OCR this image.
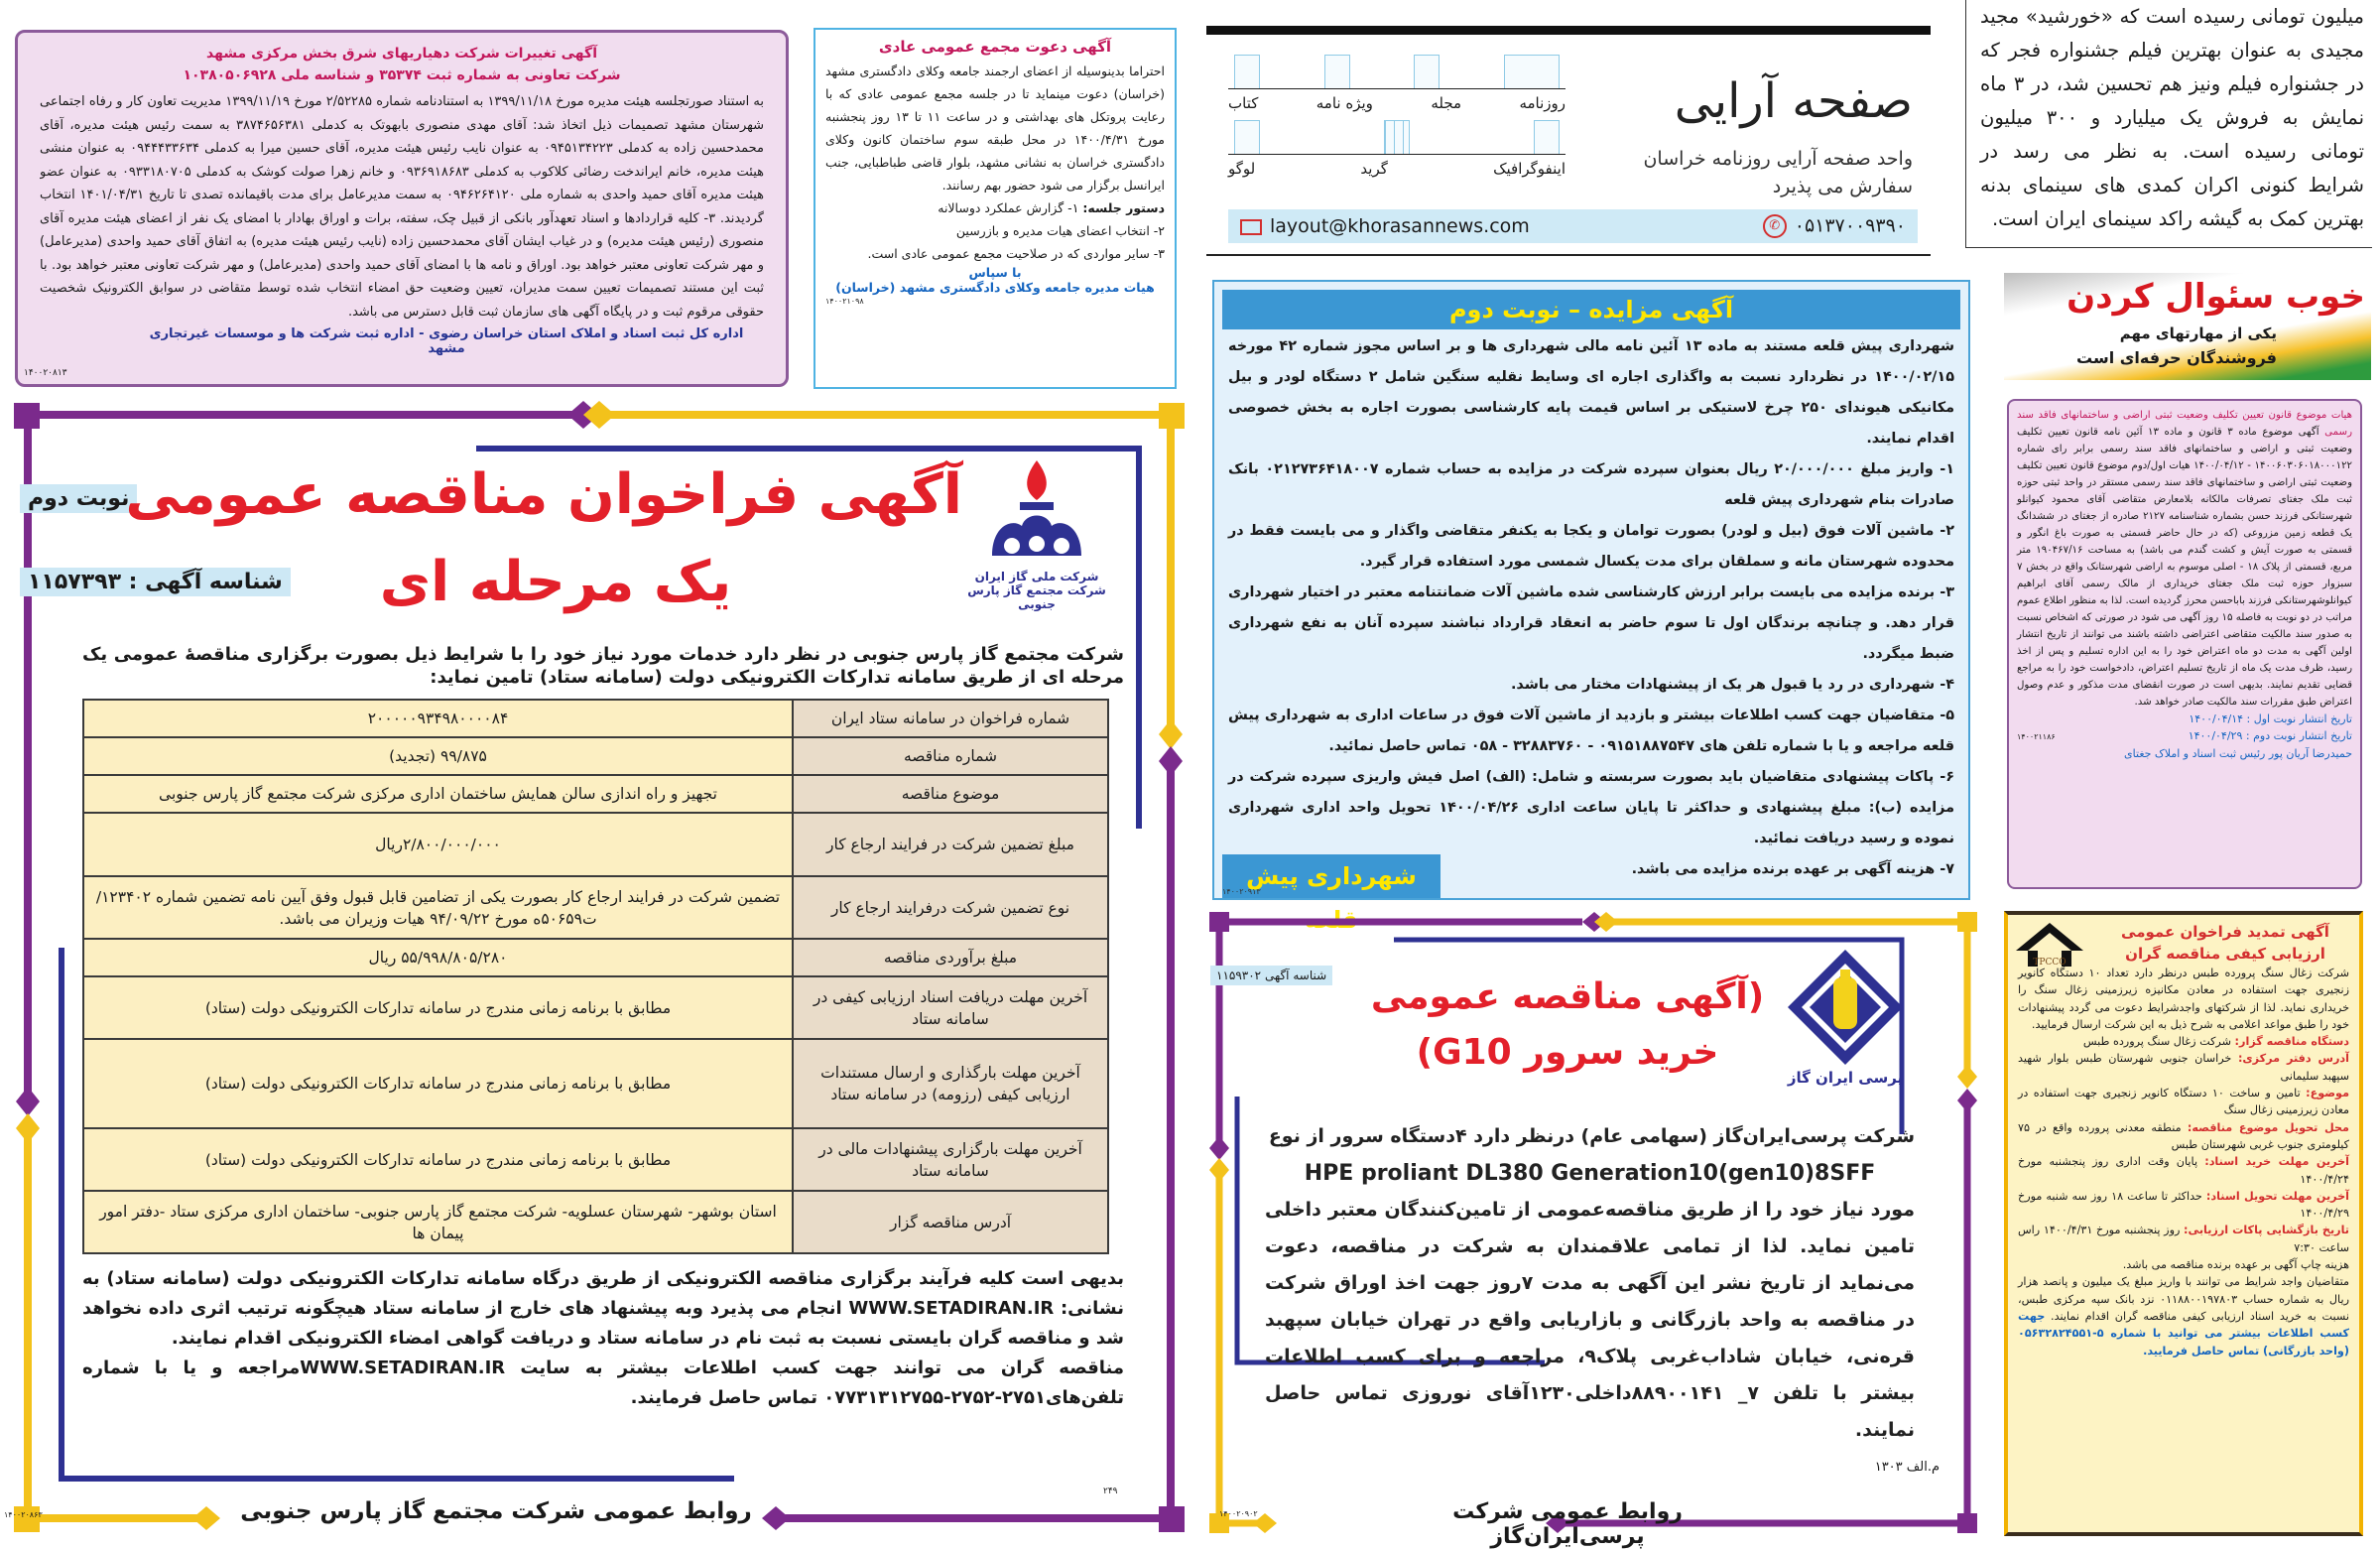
آگهی تغییرات شرکت دهیاریهای شرق بخش مرکزی مشهد
شرکت تعاونی به شماره ثبت ۳۵۳۷۴ و شناسه ملی ۱۰۳۸۰۵۰۶۹۲۸
به استناد صورتجلسه هیئت مدیره مورخ ۱۳۹۹/۱۱/۱۸ به استنادنامه شماره ۲/۵۲۲۸۵ مورخ ۱۳۹۹/۱۱/۱۹ مدیریت تعاون کار و رفاه اجتماعی شهرستان مشهد تصمیمات ذیل اتخاذ شد: آقای مهدی منصوری بابهوتک به کدملی ۳۸۷۴۶۵۶۳۸۱ به سمت رئیس هیئت مدیره، آقای محمدحسین زاده به کدملی ۰۹۴۵۱۳۴۲۲۳ به عنوان نایب رئیس هیئت مدیره، آقای حسین میرا به کدملی ۰۹۴۴۴۳۳۶۳۴ به عنوان منشی هیئت مدیره، خانم ایراندخت رضائی کلاکوب به کدملی ۰۹۳۶۹۱۸۶۸۳ و خانم زهرا صولت کوشک به کدملی ۰۹۳۳۱۸۰۷۰۵ به عنوان عضو هیئت مدیره آقای حمید واحدی به شماره ملی ۰۹۴۶۲۶۴۱۲۰ به سمت مدیرعامل برای مدت باقیمانده تصدی تا تاریخ ۱۴۰۱/۰۴/۳۱ انتخاب گردیدند. ۳- کلیه قراردادها و اسناد تعهدآور بانکی از قبیل چک، سفته، برات و اوراق بهادار با امضای یک نفر از اعضای هیئت مدیره آقای منصوری (رئیس هیئت مدیره) و در غیاب ایشان آقای محمدحسین زاده (نایب رئیس هیئت مدیره) به اتفاق آقای حمید واحدی (مدیرعامل) و مهر شرکت تعاونی معتبر خواهد بود. اوراق و نامه ها با امضای آقای حمید واحدی (مدیرعامل) و مهر شرکت تعاونی معتبر خواهد بود. با ثبت این مستند تصمیمات تعیین سمت مدیران، تعیین وضعیت حق امضاء انتخاب شده توسط متقاضی در سوابق الکترونیک شخصیت حقوقی مرقوم ثبت و در پایگاه آگهی های سازمان ثبت قابل دسترس می باشد.
اداره کل ثبت اسناد و املاک استان خراسان رضوی - اداره ثبت شرکت ها و موسسات غیرتجاری مشهد
۱۴۰۰۲۰۸۱۳
آگهی دعوت مجمع عمومی عادی
احتراما بدینوسیله از اعضای ارجمند جامعه وکلای دادگستری مشهد (خراسان) دعوت مینماید تا در جلسه مجمع عمومی عادی که با رعایت پروتکل های بهداشتی و در ساعت ۱۱ تا ۱۳ روز پنجشنبه مورخ ۱۴۰۰/۴/۳۱ در محل طبقه سوم ساختمان کانون وکلای دادگستری خراسان به نشانی مشهد، بلوار قاضی طباطبایی، جنب ایرانسل برگزار می شود حضور بهم رسانند.
دستور جلسه: ۱- گزارش عملکرد دوسالانه
۲- انتخاب اعضای هیات مدیره و بازرسین
۳- سایر مواردی که در صلاحیت مجمع عمومی عادی است.
با سپاس
هیات مدیره جامعه وکلای دادگستری مشهد (خراسان)
۱۴۰۰۲۱۰۹۸
صفحه آرایی
واحد صفحه آرایی روزنامه خراسان سفارش می پذیرد
روزنامه
مجله
ویژه نامه
کتاب
اینفوگرافیک
گرید
لوگو
layout@khorasannews.com	✆ ۰۵۱۳۷۰۰۹۳۹۰
میلیون تومانی رسیده است که «خورشید» مجید مجیدی به عنوان بهترین فیلم جشنواره فجر که در جشنواره فیلم ونیز هم تحسین شد، در ۳ ماه نمایش به فروش یک میلیارد و ۳۰۰ میلیون تومانی رسیده است. به نظر می رسد در شرایط کنونی اکران کمدی های سینمای بدنه بهترین کمک به گیشه راکد سینمای ایران است.
خوب سئوال کردن
یکی از مهارتهای مهم
فروشندگان حرفه‌ای است
هیات موضوع قانون تعیین تکلیف وضعیت ثبتی اراضی و ساختمانهای فاقد سند رسمی آگهی موضوع ماده ۳ قانون و ماده ۱۳ آئین نامه قانون تعیین تکلیف وضعیت ثبتی و اراضی و ساختمانهای فاقد سند رسمی برابر رای شماره ۱۴۰۰۶۰۳۰۶۰۱۸۰۰۰۱۲۲ - ۱۴۰۰/۰۴/۱۲ هیات اول/دوم موضوع قانون تعیین تکلیف وضعیت ثبتی اراضی و ساختمانهای فاقد سند رسمی مستقر در واحد ثبتی حوزه ثبت ملک جغتای تصرفات مالکانه بلامعارض متقاضی آقای محمود کیوانلو شهرستانکی فرزند حسن بشماره شناسنامه ۲۱۲۷ صادره از جغتای در ششدانگ یک قطعه زمین مزروعی (که در حال حاضر قسمتی به صورت باغ انگور و قسمتی به صورت آیش و کشت گندم می باشد) به مساحت ۱۹۰۴۶۷/۱۶ متر مربع، قسمتی از پلاک ۱۸ - اصلی موسوم به اراضی شهرستانک واقع در بخش ۷ سبزوار حوزه ثبت ملک جغتای خریداری از مالک رسمی آقای ابراهیم کیوانلوشهرستانکی فرزند باباحسن محرز گردیده است. لذا به منظور اطلاع عموم مراتب در دو نوبت به فاصله ۱۵ روز آگهی می شود در صورتی که اشخاص نسبت به صدور سند مالکیت متقاضی اعتراضی داشته باشند می توانند از تاریخ انتشار اولین آگهی به مدت دو ماه اعتراض خود را به این اداره تسلیم و پس از اخذ رسید، ظرف مدت یک ماه از تاریخ تسلیم اعتراض، دادخواست خود را به مراجع قضایی تقدیم نمایند. بدیهی است در صورت انقضای مدت مذکور و عدم وصول اعتراض طبق مقررات سند مالکیت صادر خواهد شد.
تاریخ انتشار نوبت اول : ۱۴۰۰/۰۴/۱۴
تاریخ انتشار نوبت دوم : ۱۴۰۰/۰۴/۲۹
۱۴۰۰۲۱۱۸۶
حمیدرضا آریان پور رئیس ثبت اسناد و املاک جغتای
TPCCO
آگهی تمدید فراخوان عمومی
ارزیابی کیفی مناقصه گران
شرکت زغال سنگ پرورده طبس درنظر دارد تعداد ۱۰ دستگاه کانویر زنجیری جهت استفاده در معادن مکانیزه زیرزمینی زغال سنگ را خریداری نماید. لذا از شرکتهای واجدشرایط دعوت می گردد پیشنهادات خود را طبق مواعد اعلامی به شرح ذیل به این شرکت ارسال فرمایید.
دستگاه مناقصه گزار: شرکت زغال سنگ پرورده طبس
آدرس دفتر مرکزی: خراسان جنوبی شهرستان طبس بلوار شهید سپهبد سلیمانی
موضوع: تامین و ساخت ۱۰ دستگاه کانویر زنجیری جهت استفاده در معادن زیرزمینی زغال سنگ
محل تحویل موضوع مناقصه: منطقه معدنی پرورده واقع در ۷۵ کیلومتری جنوب غربی شهرستان طبس
آخرین مهلت خرید اسناد: پایان وقت اداری روز پنجشنبه مورخ ۱۴۰۰/۴/۲۴
آخرین مهلت تحویل اسناد: حداکثر تا ساعت ۱۸ روز سه شنبه مورخ ۱۴۰۰/۴/۲۹
تاریخ بازگشایی پاکات ارزیابی: روز پنجشنبه مورخ ۱۴۰۰/۴/۳۱ راس ساعت ۷:۳۰
هزینه چاپ آگهی بر عهده برنده مناقصه می باشد.
متقاضیان واجد شرایط می توانند با واریز مبلغ یک میلیون و پانصد هزار ریال به شماره حساب ۰۱۱۸۸۰۰۱۹۷۸۰۳ نزد بانک سپه مرکزی طبس، نسبت به خرید اسناد ارزیابی کیفی مناقصه گران اقدام نمایند. جهت کسب اطلاعات بیشتر می توانید با شماره ۵-۰۵۶۳۲۸۲۴۵۵۱ (واحد بازرگانی) تماس حاصل فرمایید.
آگهی مزایده – نوبت دوم
شهرداری پیش قلعه مستند به ماده ۱۳ آئین نامه مالی شهرداری ها و بر اساس مجوز شماره ۴۲ مورخه ۱۴۰۰/۰۲/۱۵ در نظردارد نسبت به واگذاری اجاره ای وسایط نقلیه سنگین شامل ۲ دستگاه لودر و بیل مکانیکی هیوندای ۲۵۰ چرخ لاستیکی بر اساس قیمت پایه کارشناسی بصورت اجاره به بخش خصوصی اقدام نمایند.
۱- واریز مبلغ ۲۰/۰۰۰/۰۰۰ ریال بعنوان سپرده شرکت در مزایده به حساب شماره ۰۲۱۲۷۳۶۴۱۸۰۰۷ بانک صادرات بنام شهرداری پیش قلعه
۲- ماشین آلات فوق (بیل و لودر) بصورت توامان و یکجا به یکنفر متقاضی واگذار و می بایست فقط در محدوده شهرستان مانه و سملقان برای مدت یکسال شمسی مورد استفاده قرار گیرد.
۳- برنده مزایده می بایست برابر ارزش کارشناسی شده ماشین آلات ضمانتنامه معتبر در اختیار شهرداری قرار دهد. و چنانچه برندگان اول تا سوم حاضر به انعقاد قرارداد نباشند سپرده آنان به نفع شهرداری ضبط میگردد.
۴- شهرداری در رد یا قبول هر یک از پیشنهادات مختار می باشد.
۵- متقاضیان جهت کسب اطلاعات بیشتر و بازدید از ماشین آلات فوق در ساعات اداری به شهرداری پیش قلعه مراجعه و یا با شماره تلفن های ۰۹۱۵۱۸۸۷۵۴۷ - ۳۲۸۸۳۷۶۰ - ۰۵۸ تماس حاصل نمائید.
۶- پاکات پیشنهادی متقاضیان باید بصورت سربسته و شامل: (الف) اصل فیش واریزی سپرده شرکت در مزایده (ب): مبلغ پیشنهادی و حداکثر تا پایان ساعت اداری ۱۴۰۰/۰۴/۲۶ تحویل واحد اداری شهرداری نموده و رسید دریافت نمائید.
شهرداری پیش قلعه
۷- هزینه آگهی بر عهده برنده مزایده می باشد.
۱۴۰۰۲۰۹۱۳
شناسه آگهی ۱۱۵۹۳۰۲
(آگهی مناقصه عمومی
خرید سرور G10)
پرسی ایران گاز
شرکت پرسی‌ایران‌گاز (سهامی عام) درنظر دارد ۴دستگاه سرور از نوع
HPE proliant DL380 Generation10(gen10)8SFF
مورد نیاز خود را از طریق مناقصه‌عمومی از تامین‌کنندگان معتبر داخلی تامین نماید. لذا از تمامی علاقمندان به شرکت در مناقصه، دعوت می‌نماید از تاریخ نشر این آگهی به مدت ۷روز جهت اخذ اوراق شرکت در مناقصه به واحد بازرگانی و بازاریابی واقع در تهران خیابان سپهبد قره‌نی، خیابان شاداب‌غربی پلاک۹، مراجعه و برای کسب اطلاعات بیشتر با تلفن ۷_ ۸۸۹۰۰۱۴۱داخلی۱۲۳۰آقای نوروزی تماس حاصل نمایند.
م.الف ۱۳۰۳
روابط عمومی شرکت پرسی‌ایران‌گاز
۱۴۰۰۲۰۹۰۲
نوبت دوم
شناسه آگهی : ۱۱۵۷۳۹۳
آگهی فراخوان مناقصه عمومی
یک مرحله ای	شرکت ملی گاز ایران
شرکت مجتمع گاز پارس جنوبی
شرکت مجتمع گاز پارس جنوبی در نظر دارد خدمات مورد نیاز خود را با شرایط ذیل بصورت برگزاری مناقصۀ عمومی یک مرحله ای از طریق سامانه تدارکات الکترونیکی دولت (سامانه ستاد) تامین نماید:
شماره فراخوان در سامانه ستاد ایران	۲۰۰۰۰۰۹۳۴۹۸۰۰۰۰۸۴
شماره مناقصه	۹۹/۸۷۵ (تجدید)
موضوع مناقصه	تجهیز و راه اندازی سالن همایش ساختمان اداری مرکزی شرکت مجتمع گاز پارس جنوبی
مبلغ تضمین شرکت در فرایند ارجاع کار	۲/۸۰۰/۰۰۰/۰۰۰ریال
نوع تضمین شرکت درفرایند ارجاع کار	تضمین شرکت در فرایند ارجاع کار بصورت یکی از تضامین قابل قبول وفق آیین نامه تضمین شماره ۱۲۳۴۰۲/ت۵۰۶۵۹ه مورخ ۹۴/۰۹/۲۲ هیات وزیران می باشد.
مبلغ برآوردی مناقصه	۵۵/۹۹۸/۸۰۵/۲۸۰ ریال
آخرین مهلت دریافت اسناد ارزیابی کیفی در سامانه ستاد	مطابق با برنامه زمانی مندرج در سامانه تدارکات الکترونیکی دولت (ستاد)
آخرین مهلت بارگذاری و ارسال مستندات ارزیابی کیفی (رزومه) در سامانه ستاد	مطابق با برنامه زمانی مندرج در سامانه تدارکات الکترونیکی دولت (ستاد)
آخرین مهلت بارگزاری پیشنهادات مالی در سامانه ستاد	مطابق با برنامه زمانی مندرج در سامانه تدارکات الکترونیکی دولت (ستاد)
آدرس مناقصه گزار	استان بوشهر- شهرستان عسلویه- شرکت مجتمع گاز پارس جنوبی- ساختمان اداری مرکزی ستاد -دفتر امور پیمان ها
بدیهی است کلیه فرآیند برگزاری مناقصه الکترونیکی از طریق درگاه سامانه تدارکات الکترونیکی دولت (سامانه ستاد) به نشانی: WWW.SETADIRAN.IR انجام می پذیرد وبه پیشنهاد های خارج از سامانه ستاد هیچگونه ترتیب اثری داده نخواهد شد و مناقصه گران بایستی نسبت به ثبت نام در سامانه ستاد و دریافت گواهی امضاء الکترونیکی اقدام نمایند.
مناقصه گران می توانند جهت کسب اطلاعات بیشتر به سایت WWW.SETADIRAN.IRمراجعه و یا با شماره تلفن‌های۲۷۵۱-۲۷۵۲-۰۷۷۳۱۳۱۲۷۵۵ تماس حاصل فرمایند.
روابط عمومی شرکت مجتمع گاز پارس جنوبی
۲۴۹
۱۴۰۰۲۰۸۶۳
